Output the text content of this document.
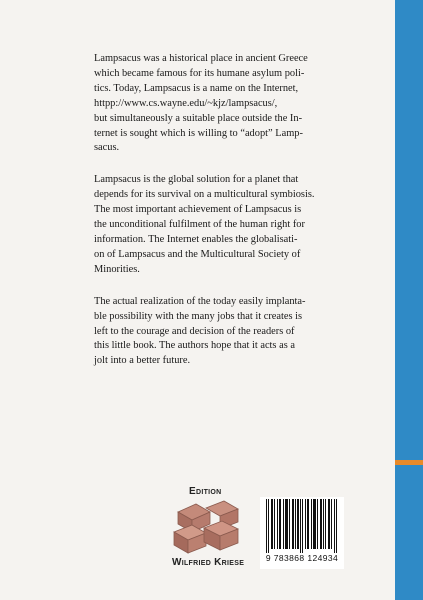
Lampsacus was a historical place in ancient Greece
which became famous for its humane asylum poli-
tics. Today, Lampsacus is a name on the Internet,
httpp://www.cs.wayne.edu/~kjz/lampsacus/,
but simultaneously a suitable place outside the In-
ternet is sought which is willing to “adopt” Lamp-
sacus.

Lampsacus is the global solution for a planet that
depends for its survival on a multicultural symbiosis.
The most important achievement of Lampsacus is
the unconditional fulfilment of the human right for
information. The Internet enables the globalisati-
on of Lampsacus and the Multicultural Society of
Minorities.

The actual realization of the today easily implanta-
ble possibility with the many jobs that it creates is
left to the courage and decision of the readers of
this little book. The authors hope that it acts as a
jolt into a better future.

Edition
Wilfried Kriese	9 783868 124934
